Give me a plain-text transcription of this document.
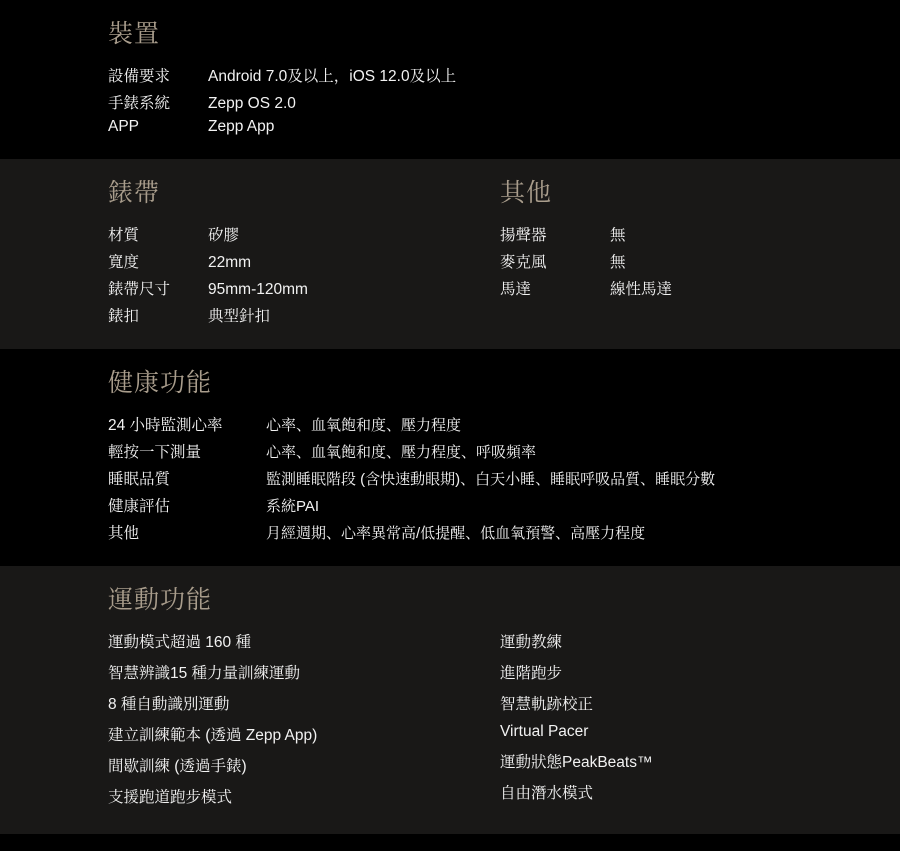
裝置
設備要求	Android 7.0及以上，iOS 12.0及以上
手錶系統	Zepp OS 2.0
APP	Zepp App
錶帶
材質	矽膠
寬度	22mm
錶帶尺寸	95mm-120mm
錶扣	典型針扣
其他
揚聲器	無
麥克風	無
馬達	線性馬達
健康功能
24 小時監測心率	心率、血氧飽和度、壓力程度
輕按一下測量	心率、血氧飽和度、壓力程度、呼吸頻率
睡眠品質	監測睡眠階段 (含快速動眼期)、白天小睡、睡眠呼吸品質、睡眠分數
健康評估	系統PAI
其他	月經週期、心率異常高/低提醒、低血氧預警、高壓力程度
運動功能
運動模式超過 160 種
智慧辨識15 種力量訓練運動
8 種自動識別運動
建立訓練範本 (透過 Zepp App)
間歇訓練 (透過手錶)
支援跑道跑步模式
運動教練
進階跑步
智慧軌跡校正
Virtual Pacer
運動狀態PeakBeats™
自由潛水模式
